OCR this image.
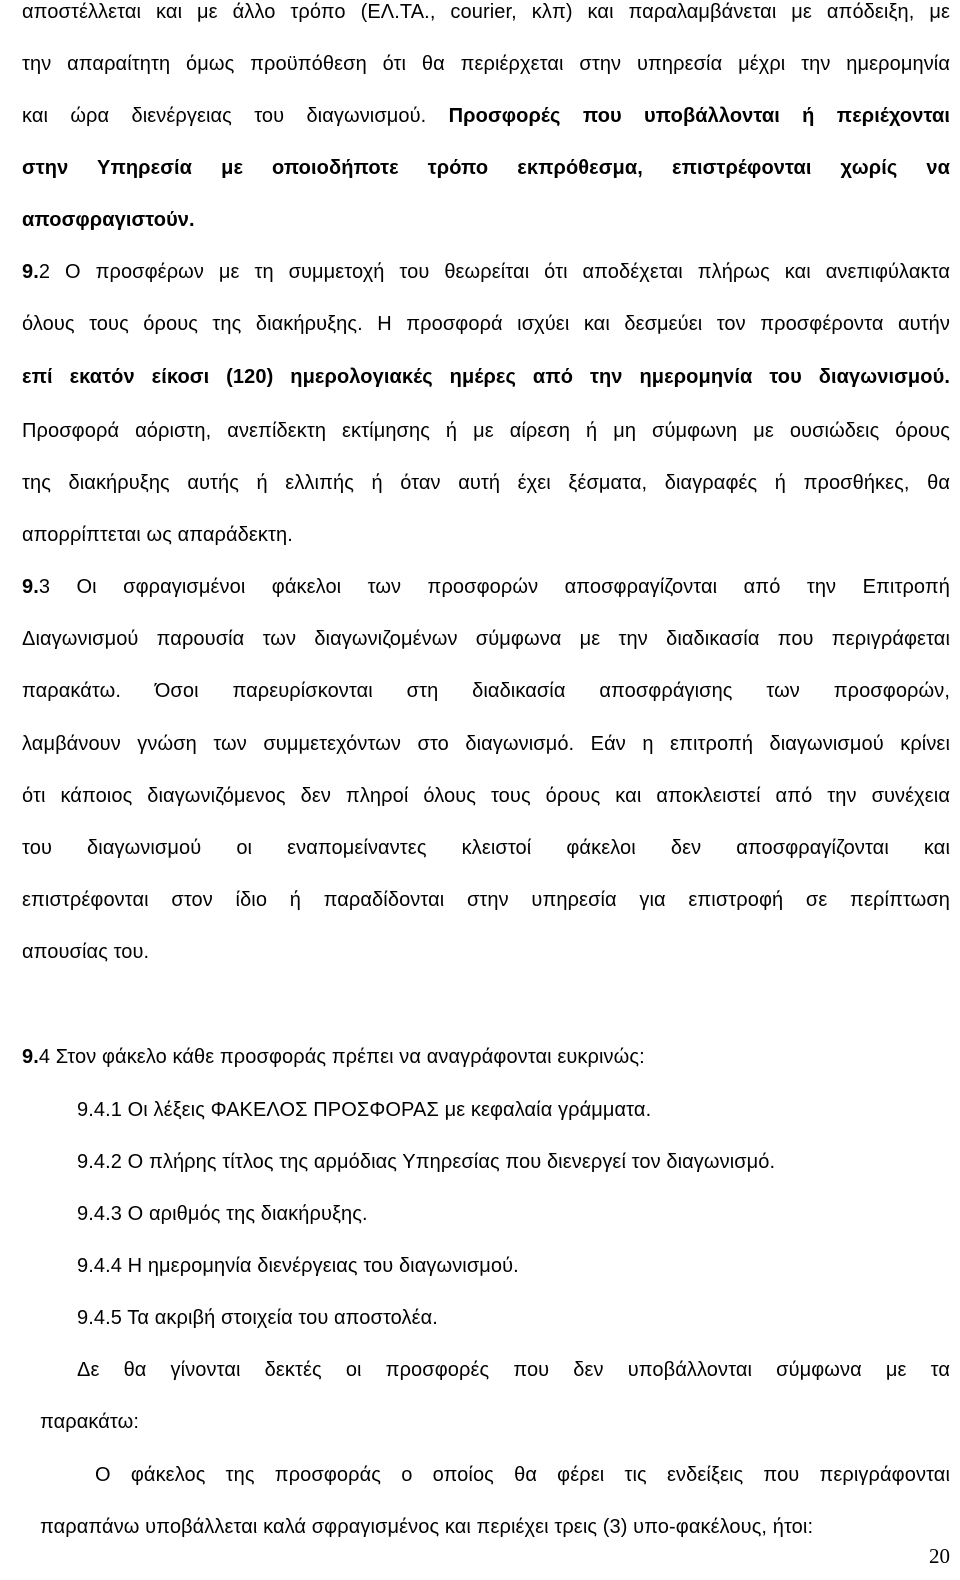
αποστέλλεται και με άλλο τρόπο (ΕΛ.ΤΑ., courier, κλπ) και παραλαμβάνεται με απόδειξη, με
την απαραίτητη όμως προϋπόθεση ότι θα περιέρχεται στην υπηρεσία μέχρι την ημερομηνία
και ώρα διενέργειας του διαγωνισμού. Προσφορές που υποβάλλονται ή περιέχονται
στην Υπηρεσία με οποιοδήποτε τρόπο εκπρόθεσμα, επιστρέφονται χωρίς να
αποσφραγιστούν.
9.2 Ο προσφέρων με τη συμμετοχή του θεωρείται ότι αποδέχεται πλήρως και ανεπιφύλακτα
όλους τους όρους της διακήρυξης. Η προσφορά ισχύει και δεσμεύει τον προσφέροντα αυτήν
επί εκατόν είκοσι (120) ημερολογιακές ημέρες από την ημερομηνία του διαγωνισμού.
Προσφορά αόριστη, ανεπίδεκτη εκτίμησης ή με αίρεση ή μη σύμφωνη με ουσιώδεις όρους
της διακήρυξης αυτής ή ελλιπής ή όταν αυτή έχει ξέσματα, διαγραφές ή προσθήκες, θα
απορρίπτεται ως απαράδεκτη.
9.3 Οι σφραγισμένοι φάκελοι των προσφορών αποσφραγίζονται από την Επιτροπή
Διαγωνισμού παρουσία των διαγωνιζομένων σύμφωνα με την διαδικασία που περιγράφεται
παρακάτω. Όσοι παρευρίσκονται στη διαδικασία αποσφράγισης των προσφορών,
λαμβάνουν γνώση των συμμετεχόντων στο διαγωνισμό. Εάν η επιτροπή διαγωνισμού κρίνει
ότι κάποιος διαγωνιζόμενος δεν πληροί όλους τους όρους και αποκλειστεί από την συνέχεια
του διαγωνισμού οι εναπομείναντες κλειστοί φάκελοι δεν αποσφραγίζονται και
επιστρέφονται στον ίδιο ή παραδίδονται στην υπηρεσία για επιστροφή σε περίπτωση
απουσίας του.
9.4 Στον φάκελο κάθε προσφοράς πρέπει να αναγράφονται ευκρινώς:
9.4.1 Οι λέξεις ΦΑΚΕΛΟΣ ΠΡΟΣΦΟΡΑΣ με κεφαλαία γράμματα.
9.4.2 Ο πλήρης τίτλος της αρμόδιας Υπηρεσίας που διενεργεί τον διαγωνισμό.
9.4.3 Ο αριθμός της διακήρυξης.
9.4.4 Η ημερομηνία διενέργειας του διαγωνισμού.
9.4.5 Τα ακριβή στοιχεία του αποστολέα.
Δε θα γίνονται δεκτές οι προσφορές που δεν υποβάλλονται σύμφωνα με τα
παρακάτω:
Ο φάκελος της προσφοράς ο οποίος θα φέρει τις ενδείξεις που περιγράφονται
παραπάνω υποβάλλεται καλά σφραγισμένος και περιέχει τρεις (3) υπο-φακέλους, ήτοι:
20
